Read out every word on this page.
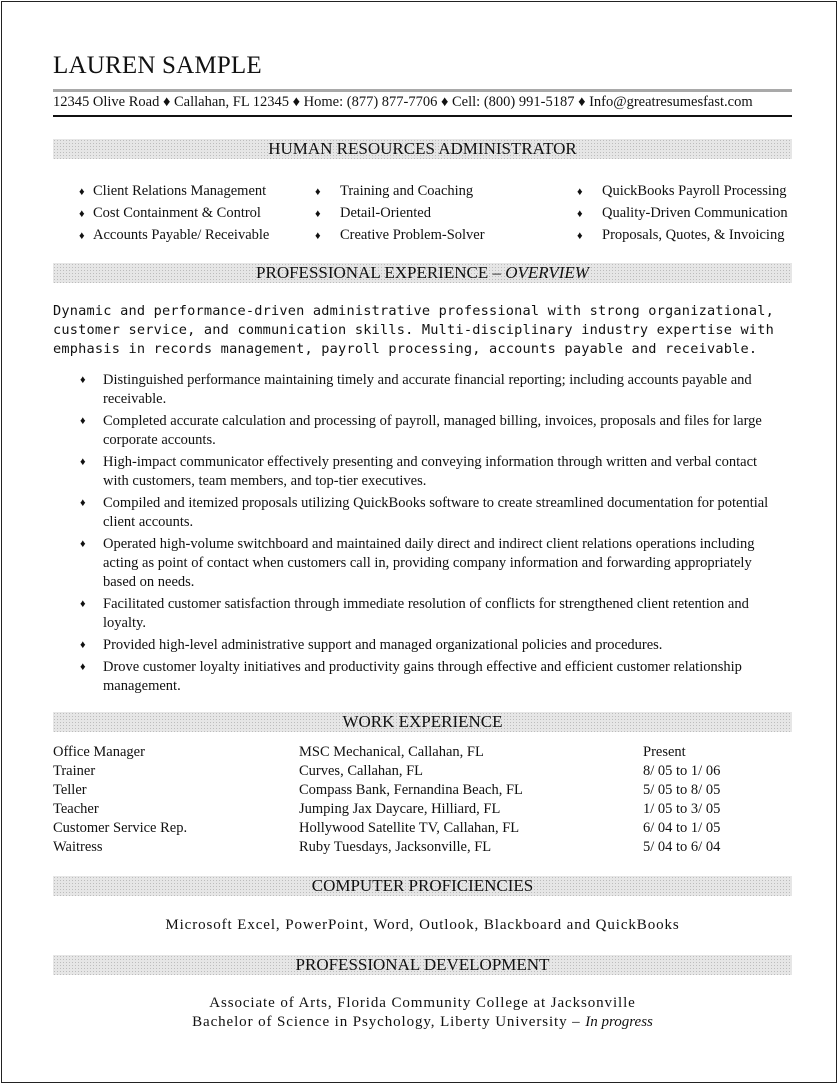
LAUREN SAMPLE
12345 Olive Road ♦ Callahan, FL 12345 ♦ Home: (877) 877-7706 ♦ Cell: (800) 991-5187 ♦ Info@greatresumesfast.com
HUMAN RESOURCES ADMINISTRATOR
♦ Client Relations Management
♦ Cost Containment & Control
♦ Accounts Payable/ Receivable
♦ Training and Coaching
♦ Detail-Oriented
♦ Creative Problem-Solver
♦ QuickBooks Payroll Processing
♦ Quality-Driven Communication
♦ Proposals, Quotes, & Invoicing
PROFESSIONAL EXPERIENCE – OVERVIEW
Dynamic and performance-driven administrative professional with strong organizational, customer service, and communication skills. Multi-disciplinary industry expertise with emphasis in records management, payroll processing, accounts payable and receivable.
♦ Distinguished performance maintaining timely and accurate financial reporting; including accounts payable and receivable.
♦ Completed accurate calculation and processing of payroll, managed billing, invoices, proposals and files for large corporate accounts.
♦ High-impact communicator effectively presenting and conveying information through written and verbal contact with customers, team members, and top-tier executives.
♦ Compiled and itemized proposals utilizing QuickBooks software to create streamlined documentation for potential client accounts.
♦ Operated high-volume switchboard and maintained daily direct and indirect client relations operations including acting as point of contact when customers call in, providing company information and forwarding appropriately based on needs.
♦ Facilitated customer satisfaction through immediate resolution of conflicts for strengthened client retention and loyalty.
♦ Provided high-level administrative support and managed organizational policies and procedures.
♦ Drove customer loyalty initiatives and productivity gains through effective and efficient customer relationship management.
WORK EXPERIENCE
Office Manager	MSC Mechanical, Callahan, FL	Present
Trainer	Curves, Callahan, FL	8/ 05 to 1/ 06
Teller	Compass Bank, Fernandina Beach, FL	5/ 05 to 8/ 05
Teacher	Jumping Jax Daycare, Hilliard, FL	1/ 05 to 3/ 05
Customer Service Rep.	Hollywood Satellite TV, Callahan, FL	6/ 04 to 1/ 05
Waitress	Ruby Tuesdays, Jacksonville, FL	5/ 04 to 6/ 04
COMPUTER PROFICIENCIES
Microsoft Excel, PowerPoint, Word, Outlook, Blackboard and QuickBooks
PROFESSIONAL DEVELOPMENT
Associate of Arts, Florida Community College at Jacksonville
Bachelor of Science in Psychology, Liberty University – In progress
